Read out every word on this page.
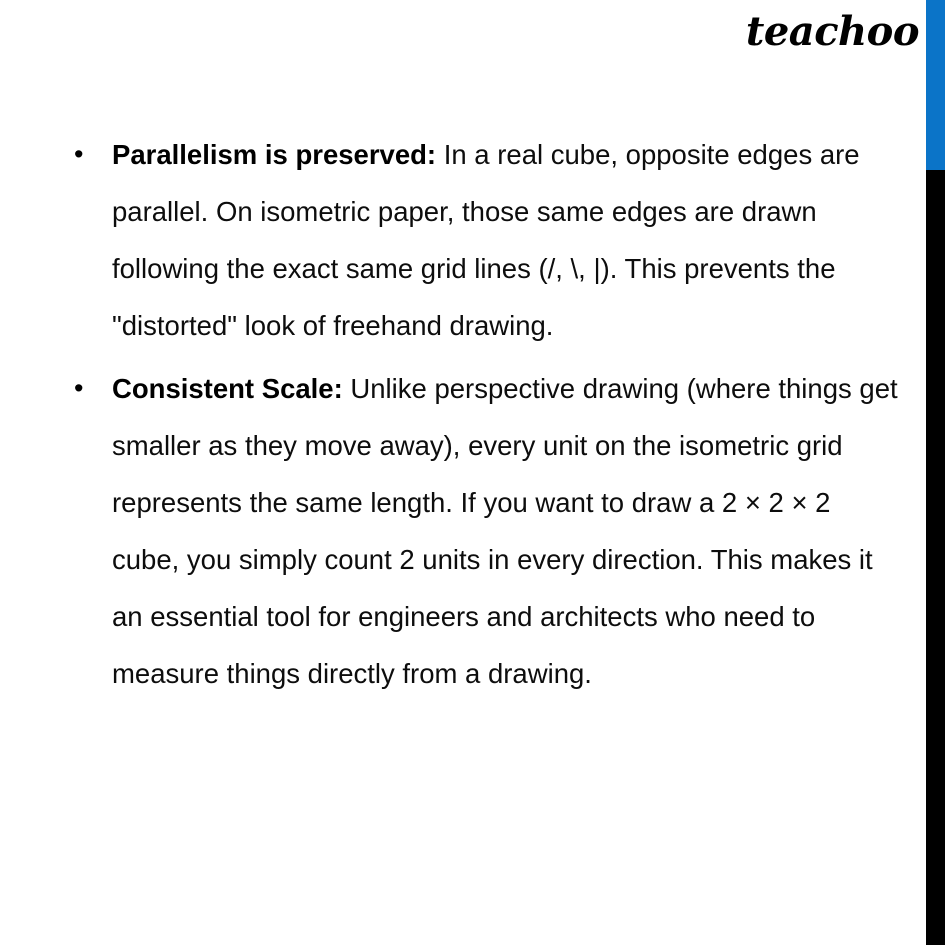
teachoo
•	Parallelism is preserved: In a real cube, opposite edges are parallel. On isometric paper, those same edges are drawn following the exact same grid lines (/, \, |). This prevents the "distorted" look of freehand drawing.
•	Consistent Scale: Unlike perspective drawing (where things get smaller as they move away), every unit on the isometric grid represents the same length. If you want to draw a 2 × 2 × 2 cube, you simply count 2 units in every direction. This makes it an essential tool for engineers and architects who need to measure things directly from a drawing.
